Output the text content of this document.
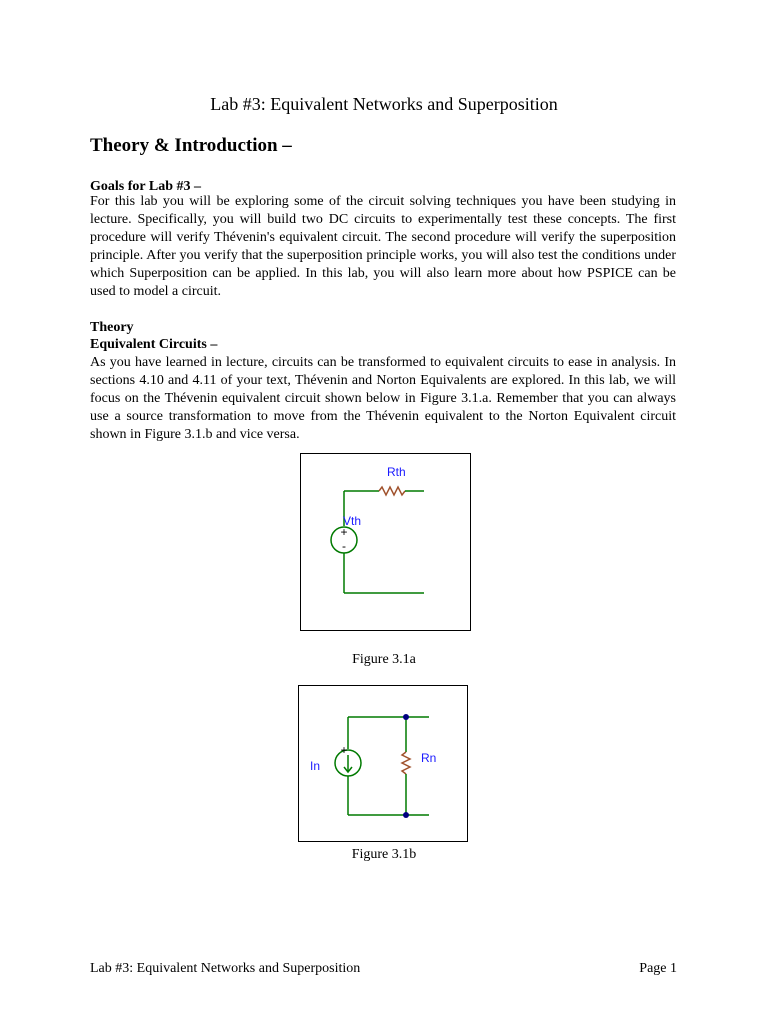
Lab #3: Equivalent Networks and Superposition
Theory & Introduction –
Goals for Lab #3 –
For this lab you will be exploring some of the circuit solving techniques you have been studying in lecture. Specifically, you will build two DC circuits to experimentally test these concepts. The first procedure will verify Thévenin's equivalent circuit. The second procedure will verify the superposition principle. After you verify that the superposition principle works, you will also test the conditions under which Superposition can be applied. In this lab, you will also learn more about how PSPICE can be used to model a circuit.
Theory
Equivalent Circuits –
As you have learned in lecture, circuits can be transformed to equivalent circuits to ease in analysis. In sections 4.10 and 4.11 of your text, Thévenin and Norton Equivalents are explored. In this lab, we will focus on the Thévenin equivalent circuit shown below in Figure 3.1.a. Remember that you can always use a source transformation to move from the Thévenin equivalent to the Norton Equivalent circuit shown in Figure 3.1.b and vice versa.
+
-
Rth
Vth
Figure 3.1a
+
In
Rn
Figure 3.1b
Lab #3: Equivalent Networks and Superposition	Page 1
